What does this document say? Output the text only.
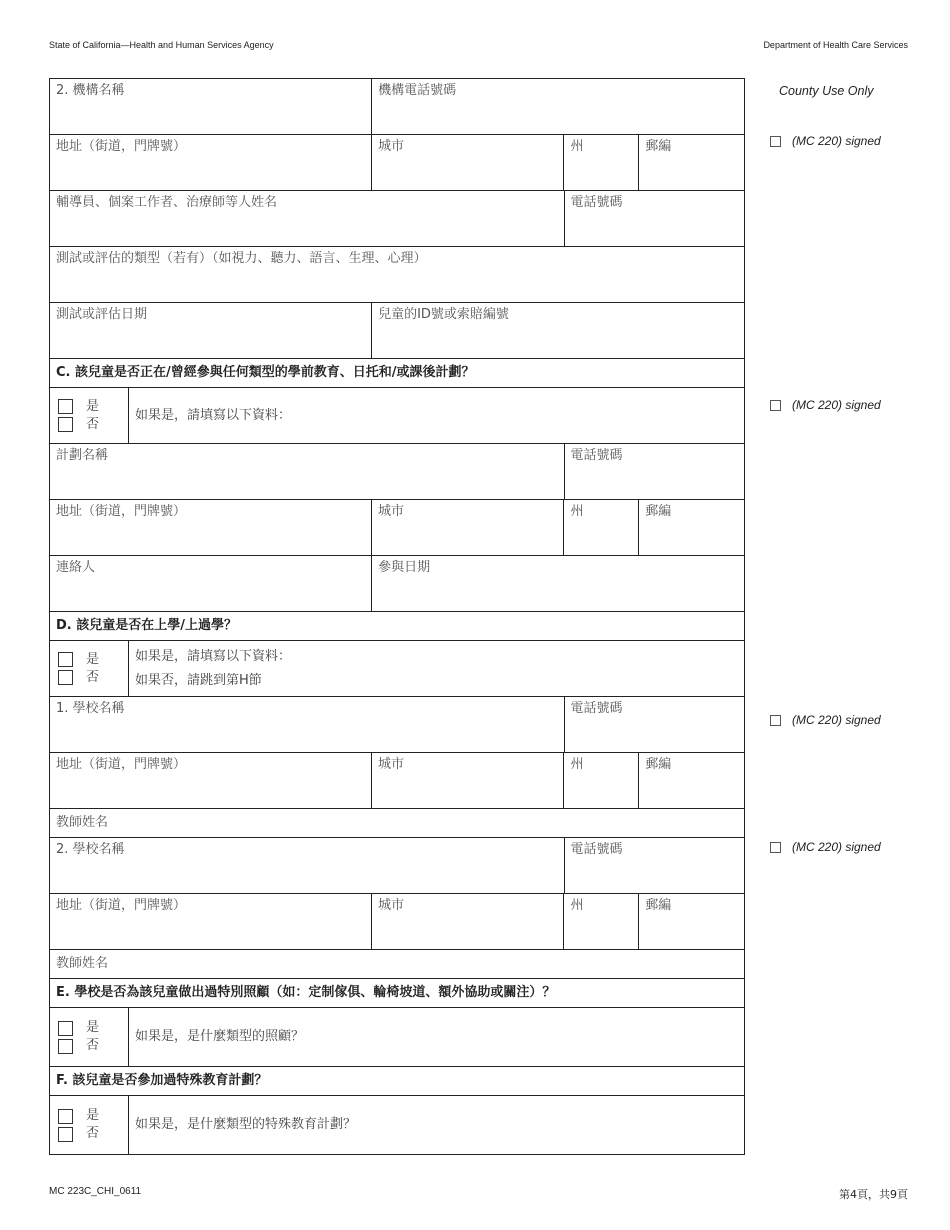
State of California—Health and Human Services Agency	Department of Health Care Services
2. 機構名稱	機構電話號碼
地址（街道，門牌號）	城市	州	郵編
輔導員、個案工作者、治療師等人姓名	電話號碼
測試或評估的類型（若有）（如視力、聽力、語言、生理、心理）
測試或評估日期	兒童的ID號或索賠編號
C. 該兒童是否正在/曾經參與任何類型的學前教育、日托和/或課後計劃？
是
否
如果是，請填寫以下資料：
計劃名稱	電話號碼
地址（街道，門牌號）	城市	州	郵編
連絡人	參與日期
D. 該兒童是否在上學/上過學？
是
否
如果是，請填寫以下資料：
如果否，請跳到第H節
1. 學校名稱	電話號碼
地址（街道，門牌號）	城市	州	郵編
教師姓名
2. 學校名稱	電話號碼
地址（街道，門牌號）	城市	州	郵編
教師姓名
E. 學校是否為該兒童做出過特別照顧（如：定制傢俱、輪椅坡道、額外協助或關注）？
是
否
如果是，是什麼類型的照顧？
F. 該兒童是否參加過特殊教育計劃？
是
否
如果是，是什麼類型的特殊教育計劃？
County Use Only
(MC 220) signed
(MC 220) signed
(MC 220) signed
(MC 220) signed
MC 223C_CHI_0611	第4頁，共9頁
